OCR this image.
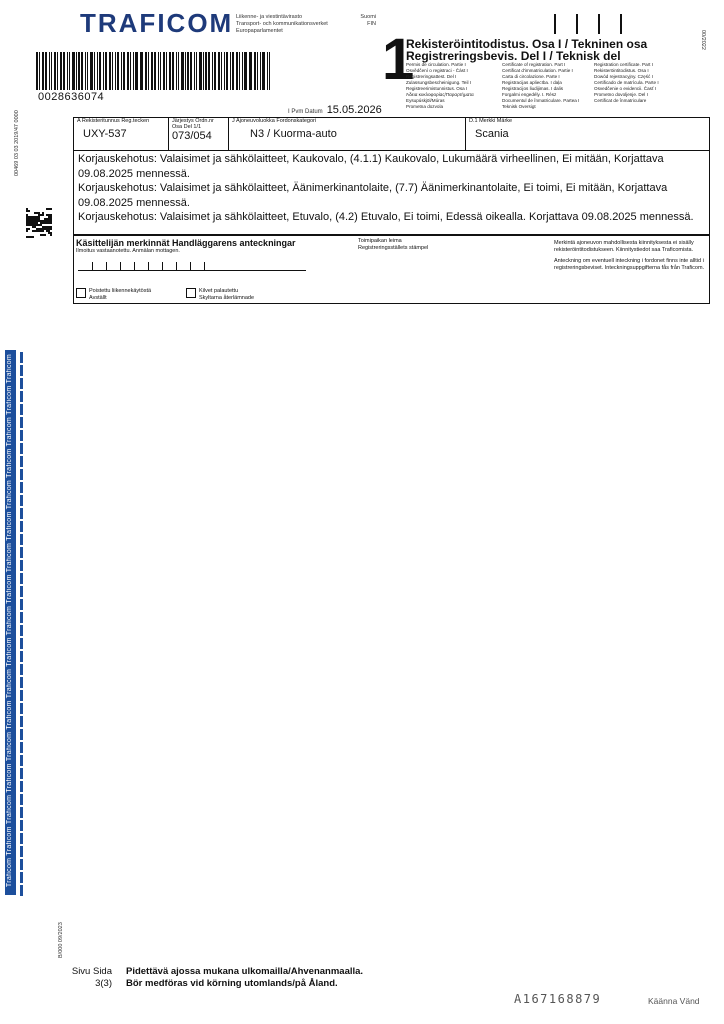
TRAFICOM Liikenne- ja viestintävirasto	Suomi
Transport- och kommunikationsverket	FIN
Europaparlamentet
0028636074
00469 03 03 2019/47 0000
00/2022
1
Rekisteröintitodistus. Osa I / Tekninen osa
Registreringsbevis. Del I / Teknisk del
Permis de circulation. Partie I	Certificate of registration. Part I	Registration certificate. Part I
Osvědčení o registraci - Část I	Certificat d'immatriculation. Partie I	Rekisteröintitodistus. Osa I
Registreringsattest. Del I	Carta di circolazione. Parte I	Dowód rejestracyjny. Część I
Zulassungsbescheinigung. Teil I	Registracijas apliecība. I daļa	Certificado de matrícula. Parte I
Registreerimistunnistus. Osa I	Registracijos liudijimas. I dalis	Osvedčenie o evidencii. Časť I
Άδεια κυκλοφορίας/Παραρτήματα	Forgalmi engedély. I. Rész	Prometno dovoljenje. Del I
Eysupúskjöl/Múras	Documentul de înmatriculare. Partea I	Certificat de înmatriculare
Prometna dozvola	Teknisk Oversigt
I Pvm Datum 15.05.2026
A Rekisteritunnus Reg.tecken
UXY-537

Järjestys Ordn.nr Osa Del 1/1
073/054

J Ajoneuvoluokka Fordonskategori
N3 / Kuorma-auto

D.1 Merkki Märke
Scania
Korjauskehotus: Valaisimet ja sähkölaitteet, Kaukovalo, (4.1.1) Kaukovalo, Lukumäärä virheellinen, Ei mitään, Korjattava 09.08.2025 mennessä.
Korjauskehotus: Valaisimet ja sähkölaitteet, Äänimerkinantolaite, (7.7) Äänimerkinantolaite, Ei toimi, Ei mitään, Korjattava 09.08.2025 mennessä.
Korjauskehotus: Valaisimet ja sähkölaitteet, Etuvalo, (4.2) Etuvalo, Ei toimi, Edessä oikealla. Korjattava 09.08.2025 mennessä.
Käsittelijän merkinnät Handläggarens anteckningar
Ilmoitus vastaanotettu. Anmälan mottagen.
Toimipaikan leima
Registreringsställets stämpel
Merkintä ajoneuvon mahdollisesta kiinnityksesta ei sisälly rekisteröintitodistukseen. Kiinnitystiedot saa Traficomista.
Anteckning om eventuell inteckning i fordonet finns inte alltid i registreringsbeviset. Inteckningsuppgifterna fås från Traficom.
Poistettu liikennekäytöstä
Avställt
Kilvet palautettu
Skyltarna återlämnade
Traficom Traficom Traficom Traficom Traficom Traficom Traficom Traficom Traficom Traficom Traficom Traficom Traficom Traficom Traficom Traficom Traficom
B/000 09/2023
Sivu Sida
3(3)
Pidettävä ajossa mukana ulkomailla/Ahvenanmaalla.
Bör medföras vid körning utomlands/på Åland.
A167168879	Käänna Vänd
